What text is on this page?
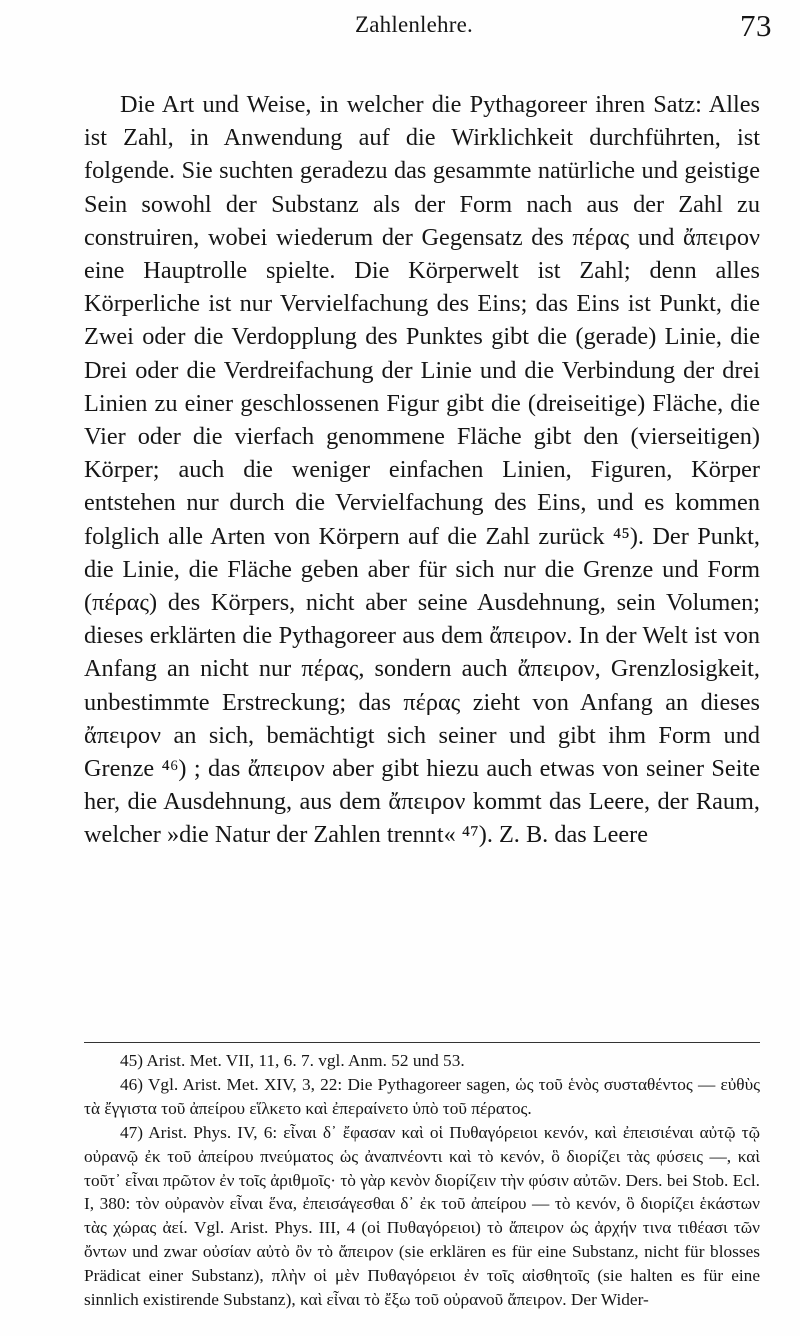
Zahlenlehre.	73

Die Art und Weise, in welcher die Pythagoreer ihren Satz: Alles ist Zahl, in Anwendung auf die Wirklichkeit durchführten, ist folgende. Sie suchten geradezu das gesammte natürliche und geistige Sein sowohl der Substanz als der Form nach aus der Zahl zu construiren, wobei wiederum der Gegensatz des πέρας und ἄπειρον eine Hauptrolle spielte. Die Körperwelt ist Zahl; denn alles Körperliche ist nur Vervielfachung des Eins; das Eins ist Punkt, die Zwei oder die Verdopplung des Punktes gibt die (gerade) Linie, die Drei oder die Verdreifachung der Linie und die Verbindung der drei Linien zu einer geschlossenen Figur gibt die (dreiseitige) Fläche, die Vier oder die vierfach genommene Fläche gibt den (vierseitigen) Körper; auch die weniger einfachen Linien, Figuren, Körper entstehen nur durch die Vervielfachung des Eins, und es kommen folglich alle Arten von Körpern auf die Zahl zurück ⁴⁵). Der Punkt, die Linie, die Fläche geben aber für sich nur die Grenze und Form (πέρας) des Körpers, nicht aber seine Ausdehnung, sein Volumen; dieses erklärten die Pythagoreer aus dem ἄπειρον. In der Welt ist von Anfang an nicht nur πέρας, sondern auch ἄπειρον, Grenzlosigkeit, unbestimmte Erstreckung; das πέρας zieht von Anfang an dieses ἄπειρον an sich, bemächtigt sich seiner und gibt ihm Form und Grenze ⁴⁶) ; das ἄπειρον aber gibt hiezu auch etwas von seiner Seite her, die Ausdehnung, aus dem ἄπειρον kommt das Leere, der Raum, welcher »die Natur der Zahlen trennt« ⁴⁷). Z. B. das Leere

45) Arist. Met. VII, 11, 6. 7. vgl. Anm. 52 und 53.

46) Vgl. Arist. Met. XIV, 3, 22: Die Pythagoreer sagen, ὡς τοῦ ἑνὸς συσταθέντος — εὐθὺς τὰ ἔγγιστα τοῦ ἀπείρου εἵλκετο καὶ ἐπεραίνετο ὑπὸ τοῦ πέρατος.

47) Arist. Phys. IV, 6: εἶναι δ᾽ ἔφασαν καὶ οἱ Πυθαγόρειοι κενόν, καὶ ἐπεισιέναι αὐτῷ τῷ οὐρανῷ ἐκ τοῦ ἀπείρου πνεύματος ὡς ἀναπνέοντι καὶ τὸ κενόν, ὃ διορίζει τὰς φύσεις —, καὶ τοῦτ᾽ εἶναι πρῶτον ἐν τοῖς ἀριθμοῖς· τὸ γὰρ κενὸν διορίζειν τὴν φύσιν αὐτῶν. Ders. bei Stob. Ecl. I, 380: τὸν οὐρανὸν εἶναι ἕνα, ἐπεισάγεσθαι δ᾽ ἐκ τοῦ ἀπείρου — τὸ κενόν, ὃ διορίζει ἑκάστων τὰς χώρας ἀεί. Vgl. Arist. Phys. III, 4 (οἱ Πυθαγόρειοι) τὸ ἄπειρον ὡς ἀρχήν τινα τιθέασι τῶν ὄντων und zwar οὐσίαν αὐτὸ ὂν τὸ ἄπειρον (sie erklären es für eine Substanz, nicht für blosses Prädicat einer Substanz), πλὴν οἱ μὲν Πυθαγόρειοι ἐν τοῖς αἰσθητοῖς (sie halten es für eine sinnlich existirende Substanz), καὶ εἶναι τὸ ἔξω τοῦ οὐρανοῦ ἄπειρον. Der Wider-
